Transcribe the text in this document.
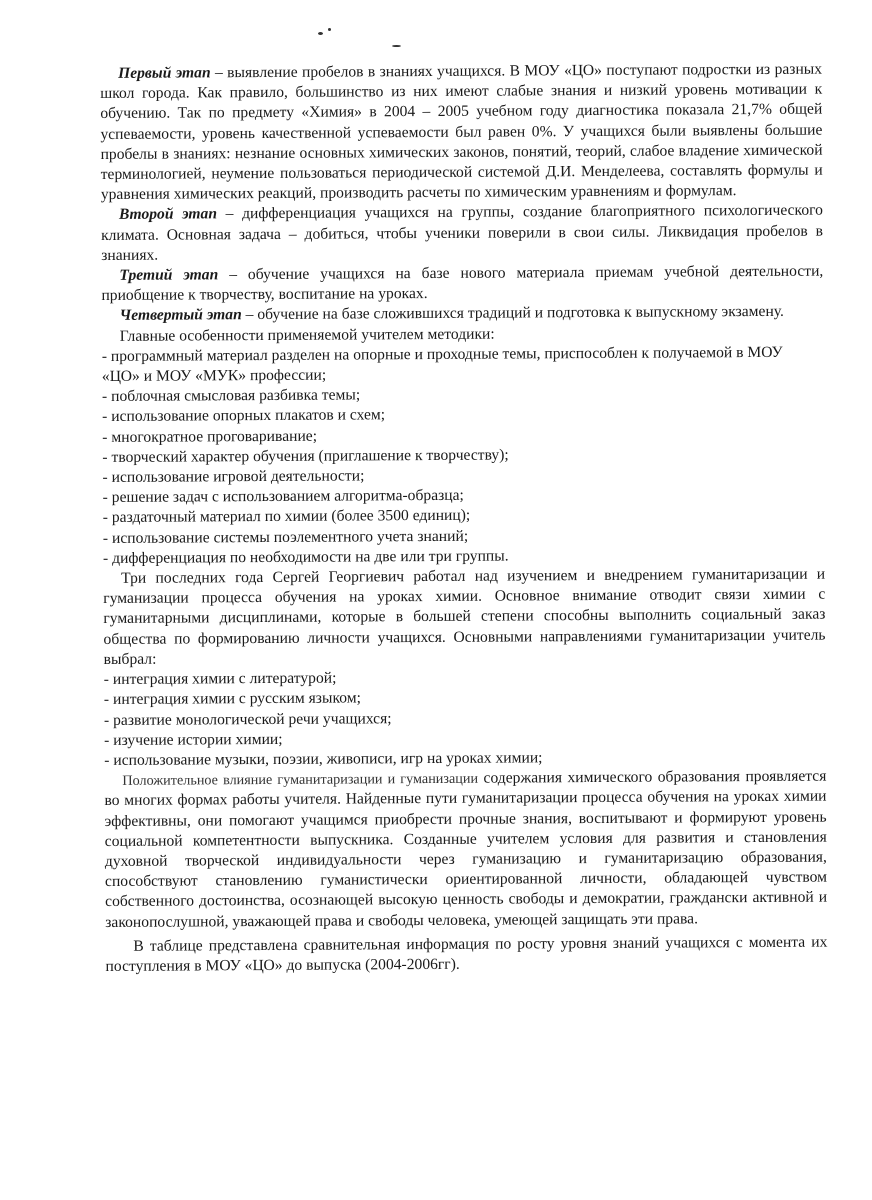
Первый этап – выявление пробелов в знаниях учащихся. В МОУ «ЦО» поступают подростки из разных школ города. Как правило, большинство из них имеют слабые знания и низкий уровень мотивации к обучению. Так по предмету «Химия» в 2004 – 2005 учебном году диагностика показала 21,7% общей успеваемости, уровень качественной успеваемости был равен 0%. У учащихся были выявлены большие пробелы в знаниях: незнание основных химических законов, понятий, теорий, слабое владение химической терминологией, неумение пользоваться периодической системой Д.И. Менделеева, составлять формулы и уравнения химических реакций, производить расчеты по химическим уравнениям и формулам.

Второй этап – дифференциация учащихся на группы, создание благоприятного психологического климата. Основная задача – добиться, чтобы ученики поверили в свои силы. Ликвидация пробелов в знаниях.

Третий этап – обучение учащихся на базе нового материала приемам учебной деятельности, приобщение к творчеству, воспитание на уроках.

Четвертый этап – обучение на базе сложившихся традиций и подготовка к выпускному экзамену.

Главные особенности применяемой учителем методики:

- программный материал разделен на опорные и проходные темы, приспособлен к получаемой в МОУ «ЦО» и МОУ «МУК» профессии;
- поблочная смысловая разбивка темы;
- использование опорных плакатов и схем;
- многократное проговаривание;
- творческий характер обучения (приглашение к творчеству);
- использование игровой деятельности;
- решение задач с использованием алгоритма-образца;
- раздаточный материал по химии (более 3500 единиц);
- использование системы поэлементного учета знаний;
- дифференциация по необходимости на две или три группы.

Три последних года Сергей Георгиевич работал над изучением и внедрением гуманитаризации и гуманизации процесса обучения на уроках химии. Основное внимание отводит связи химии с гуманитарными дисциплинами, которые в большей степени способны выполнить социальный заказ общества по формированию личности учащихся. Основными направлениями гуманитаризации учитель выбрал:

- интеграция химии с литературой;
- интеграция химии с русским языком;
- развитие монологической речи учащихся;
- изучение истории химии;
- использование музыки, поэзии, живописи, игр на уроках химии;

Положительное влияние гуманитаризации и гуманизации содержания химического образования проявляется во многих формах работы учителя. Найденные пути гуманитаризации процесса обучения на уроках химии эффективны, они помогают учащимся приобрести прочные знания, воспитывают и формируют уровень социальной компетентности выпускника. Созданные учителем условия для развития и становления духовной творческой индивидуальности через гуманизацию и гуманитаризацию образования, способствуют становлению гуманистически ориентированной личности, обладающей чувством собственного достоинства, осознающей высокую ценность свободы и демократии, граждански активной и законопослушной, уважающей права и свободы человека, умеющей защищать эти права.

В таблице представлена сравнительная информация по росту уровня знаний учащихся с момента их поступления в МОУ «ЦО» до выпуска (2004-2006гг).
